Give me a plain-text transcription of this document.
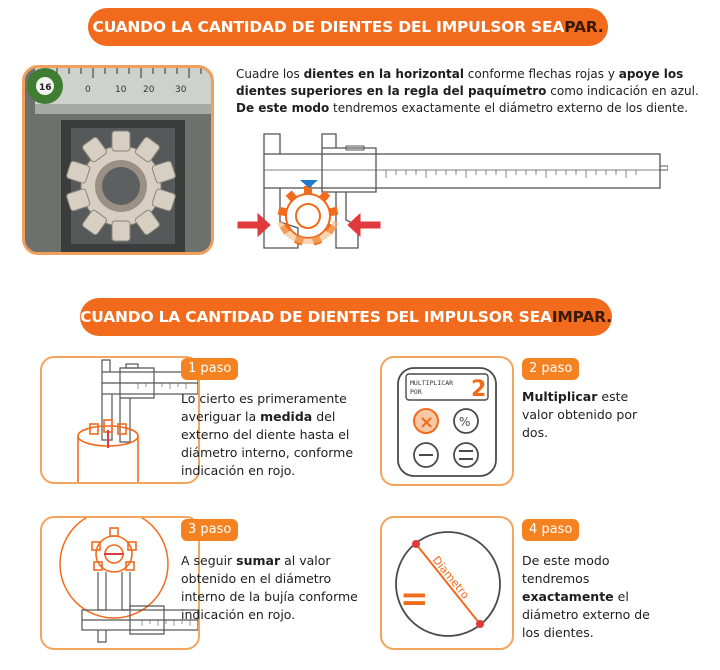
CUANDO LA CANTIDAD DE DIENTES DEL IMPULSOR SEA PAR.
0	10 20 30
16
Cuadre los dientes en la horizontal conforme flechas rojas y apoye los dientes superiores en la regla del paquímetro como indicación en azul.
De este modo tendremos exactamente el diámetro externo de los diente.
CUANDO LA CANTIDAD DE DIENTES DEL IMPULSOR SEA IMPAR.
1 paso
Lo cierto es primeramente averiguar la medida del externo del diente hasta el diámetro interno, conforme indicación en rojo.
MULTIPLICAR
POR 2
× %
2 paso
Multiplicar este valor obtenido por dos.
3 paso
A seguir sumar al valor obtenido en el diámetro interno de la bujía conforme indicación en rojo.
Diametro
=
4 paso
De este modo tendremos exactamente el diámetro externo de los dientes.
